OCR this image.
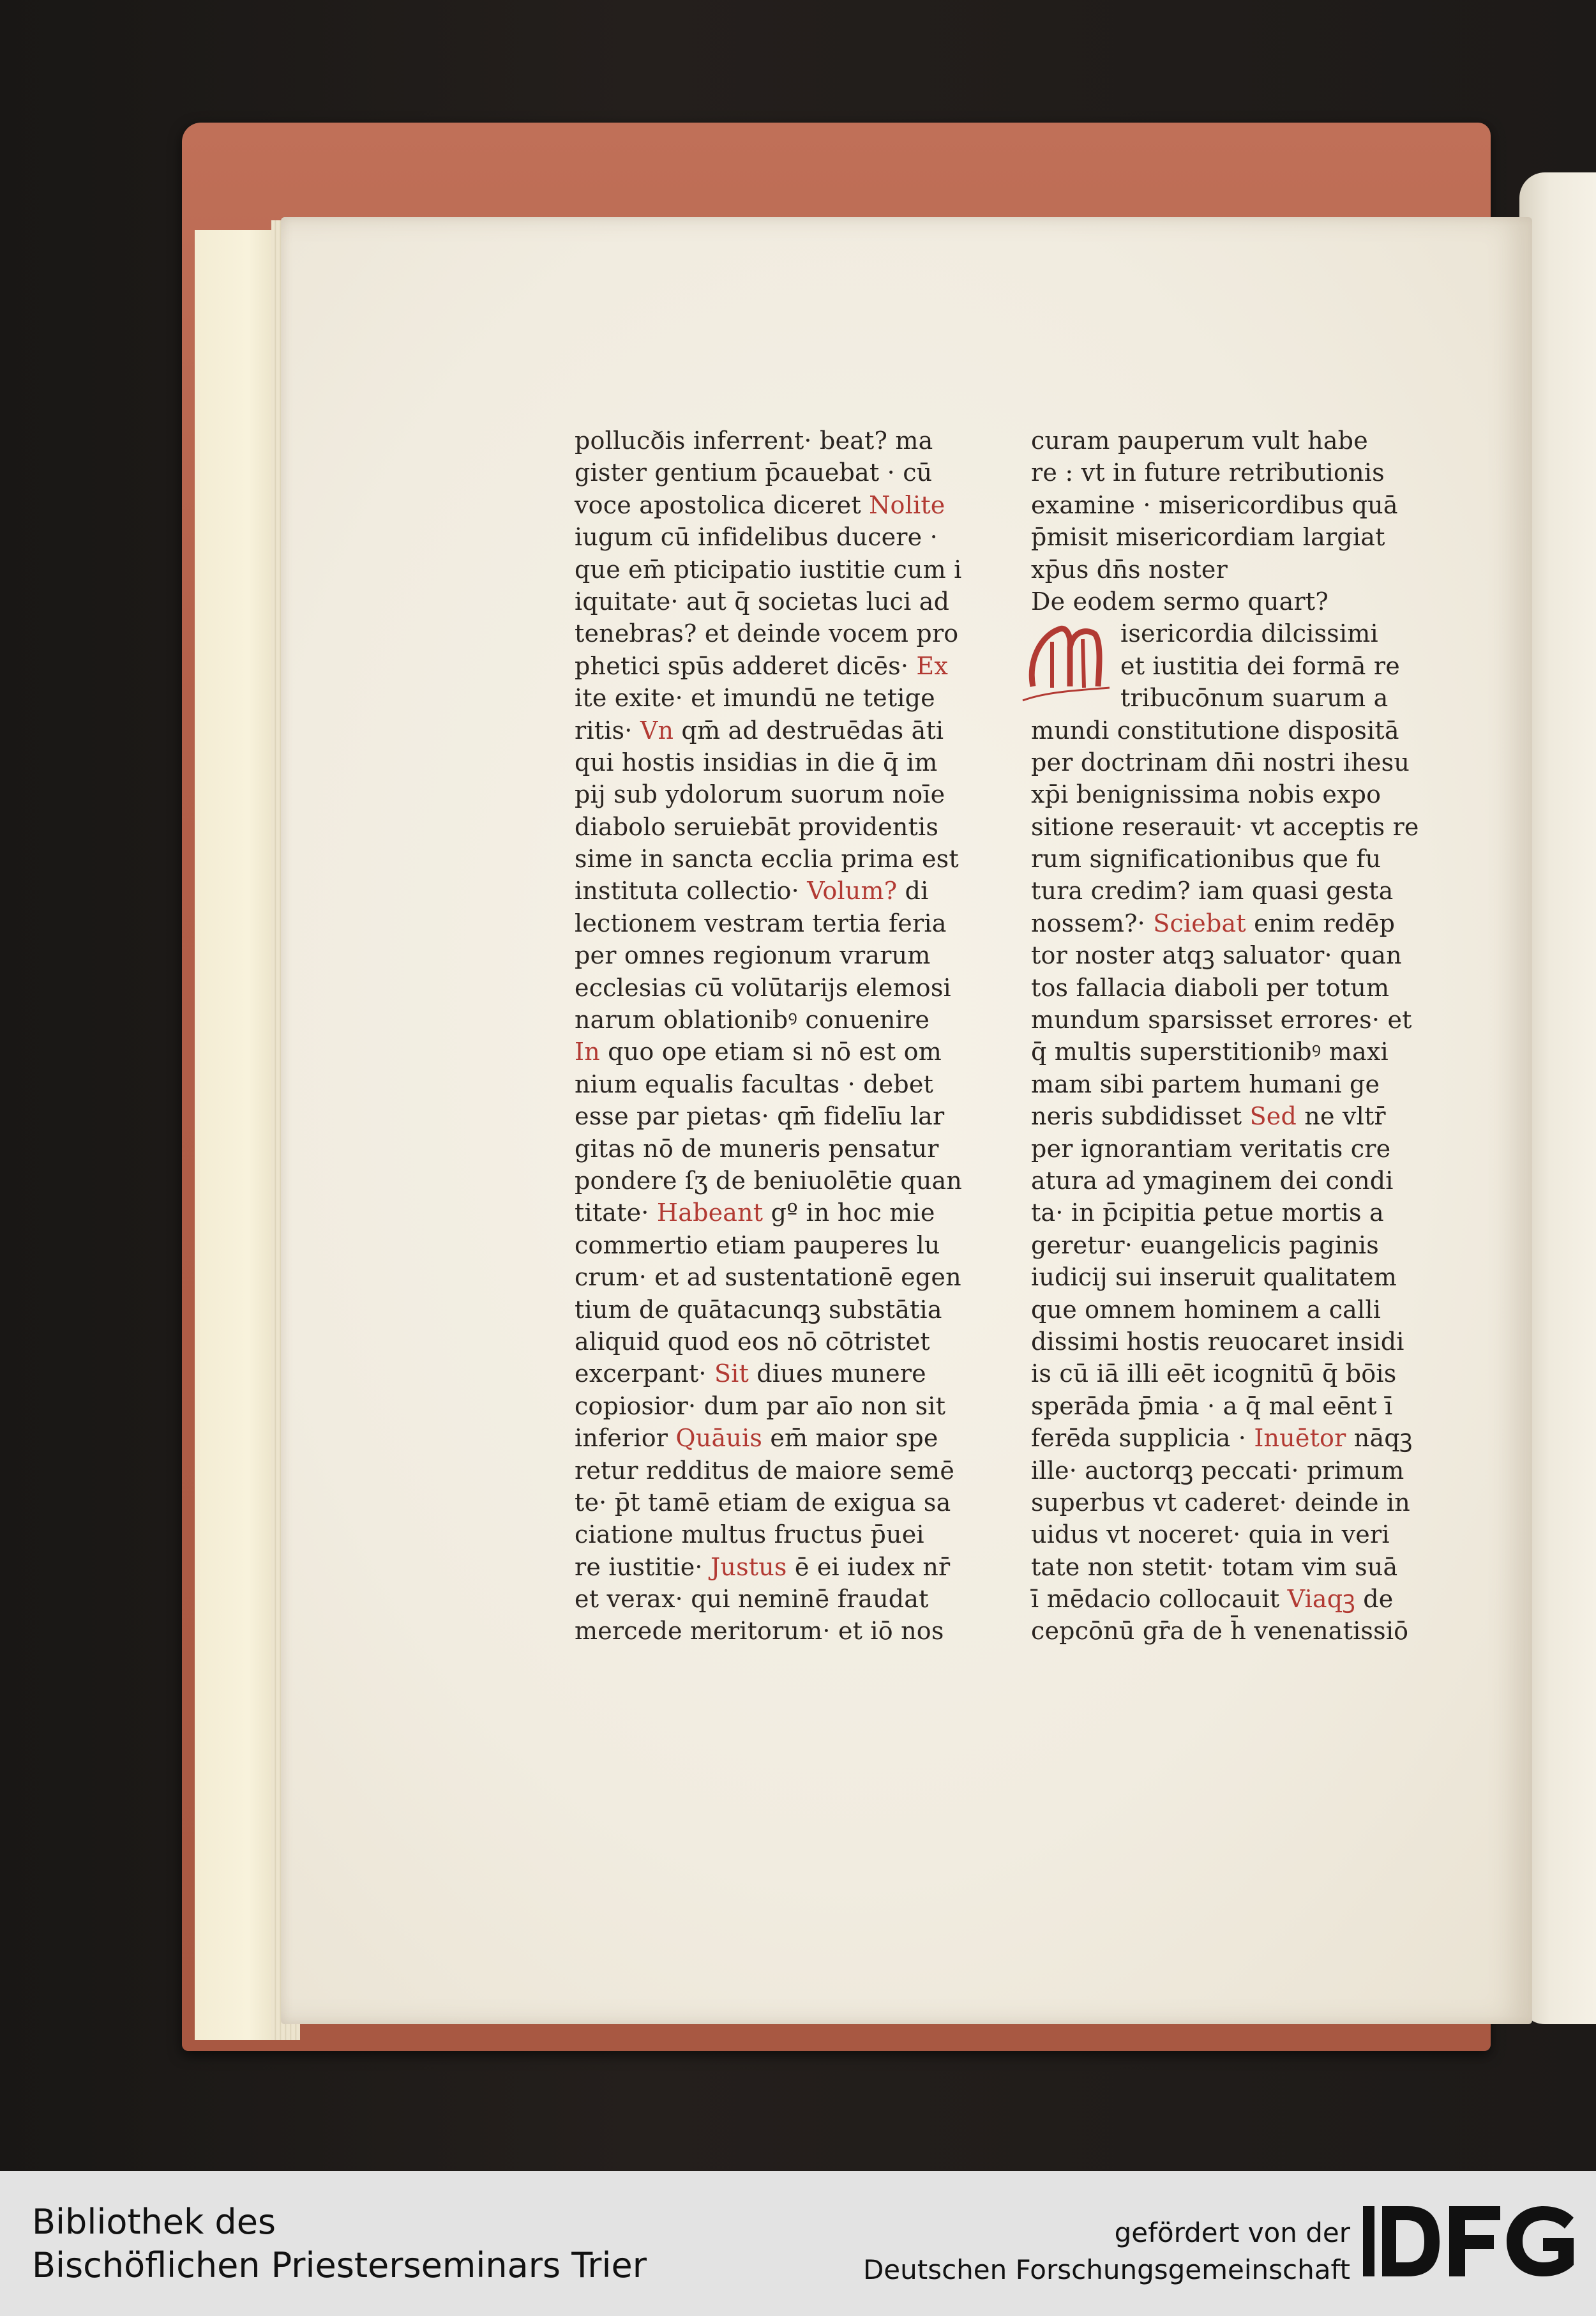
pollucðis inferrent· beat? ma
gister gentium p̄cauebat · cū
voce apostolica diceret Nolite
iugum cū infidelibus ducere ·
que em̄ pticipatio iustitie cum i
iquitate· aut q̄ societas luci ad
tenebras? et deinde vocem pro
phetici spūs adderet dicēs· Ex
ite exite· et imundū ne tetige
ritis· Vn qm̄ ad destruēdas āti
qui hostis insidias in die q̄ im
pij sub ydolorum suorum noīe
diabolo seruiebāt providentis
sime in sancta ecclia prima est
instituta collectio· Volum? di
lectionem vestram tertia feria
per omnes regionum vrarum
ecclesias cū volūtarijs elemosi
narum oblationibꝰ conuenire
In quo ope etiam si nō est om
nium equalis facultas · debet
esse par pietas· qm̄ fidelīu lar
gitas nō de muneris pensatur
pondere ſʒ de beniuolētie quan
titate· Habeant gº in hoc mie
commertio etiam pauperes lu
crum· et ad sustentationē egen
tium de quātacunqꝫ substātia
aliquid quod eos nō cōtristet
excerpant· Sit diues munere
copiosior· dum par aīo non sit
inferior Quāuis em̄ maior spe
retur redditus de maiore semē
te· p̄t tamē etiam de exigua sa
ciatione multus fructus p̄uei
re iustitie· Justus ē ei iudex nr̄
et verax· qui neminē fraudat
mercede meritorum· et iō nos
curam pauperum vult habe
re : vt in future retributionis
examine · misericordibus quā
p̄misit misericordiam largiat
xp̄us dn̄s noster
De eodem sermo quart?
isericordia dilcissimi
et iustitia dei formā re
tribucōnum suarum a
mundi constitutione dispositā
per doctrinam dn̄i nostri ihesu
xp̄i benignissima nobis expo
sitione reserauit· vt acceptis re
rum significationibus que fu
tura credim? iam quasi gesta
nossem?· Sciebat enim redēp
tor noster atqꝫ saluator· quan
tos fallacia diaboli per totum
mundum sparsisset errores· et
q̄ multis superstitionibꝰ maxi
mam sibi partem humani ge
neris subdidisset Sed ne vltr̄
per ignorantiam veritatis cre
atura ad ymaginem dei condi
ta· in p̄cipitia ꝑetue mortis a
geretur· euangelicis paginis
iudicij sui inseruit qualitatem
que omnem hominem a calli
dissimi hostis reuocaret insidi
is cū iā illi eēt icognitū q̄ bōis
sperāda p̄mia · a q̄ mal eēnt ī
ferēda supplicia · Inuētor nāqꝫ
ille· auctorqꝫ peccati· primum
superbus vt caderet· deinde in
uidus vt noceret· quia in veri
tate non stetit· totam vim suā
ī mēdacio collocauit Viaqꝫ de
cepcōnū gr̄a de h̄ venenatissiō
Bibliothek des
Bischöflichen Priesterseminars Trier
gefördert von der
Deutschen Forschungsgemeinschaft
